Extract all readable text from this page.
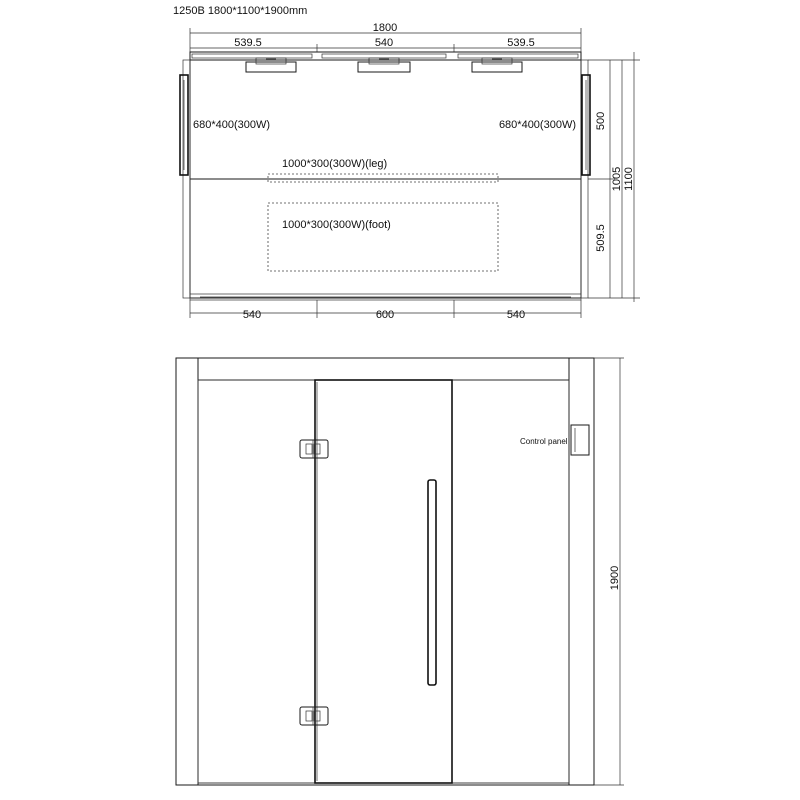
1250B 1800*1100*1900mm
1800
539.5	540	539.5
680*400(300W)	680*400(300W)
1000*300(300W)(leg)
1000*300(300W)(foot)
540	600	540
500
509.5
1005 1100
Control panel
1900
